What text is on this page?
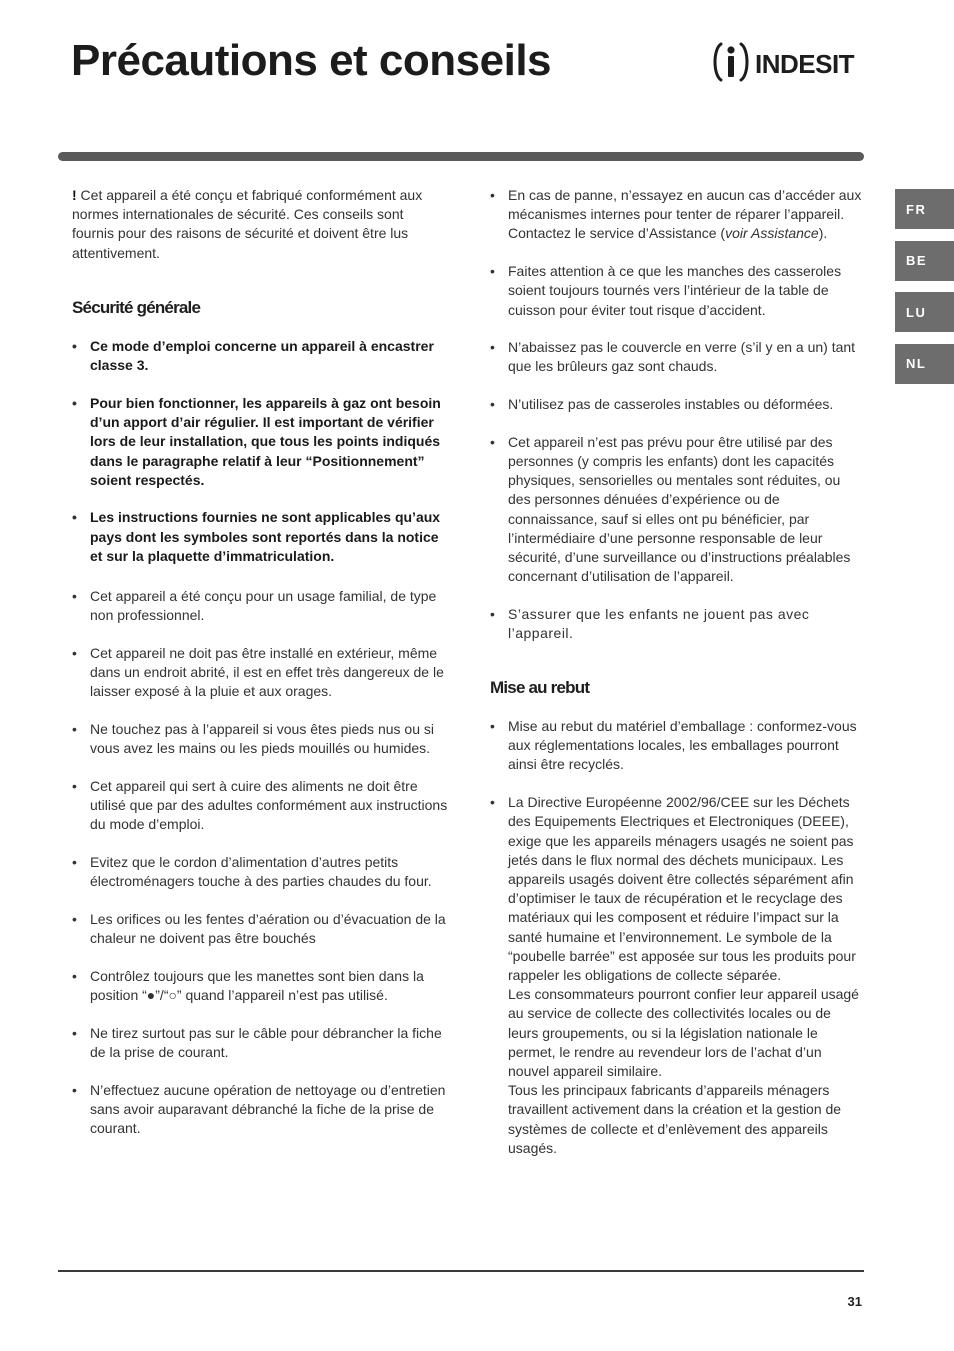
Précautions et conseils	INDESIT
FR
BE
LU
NL

! Cet appareil a été conçu et fabriqué conformément aux normes internationales de sécurité. Ces conseils sont fournis pour des raisons de sécurité et doivent être lus attentivement.

Sécurité générale
• Ce mode d’emploi concerne un appareil à encastrer classe 3.
• Pour bien fonctionner, les appareils à gaz ont besoin d’un apport d’air régulier. Il est important de vérifier lors de leur installation, que tous les points indiqués dans le paragraphe relatif à leur “Positionnement” soient respectés.
• Les instructions fournies ne sont applicables qu’aux pays dont les symboles sont reportés dans la notice et sur la plaquette d’immatriculation.
• Cet appareil a été conçu pour un usage familial, de type non professionnel.
• Cet appareil ne doit pas être installé en extérieur, même dans un endroit abrité, il est en effet très dangereux de le laisser exposé à la pluie et aux orages.
• Ne touchez pas à l’appareil si vous êtes pieds nus ou si vous avez les mains ou les pieds mouillés ou humides.
• Cet appareil qui sert à cuire des aliments ne doit être utilisé que par des adultes conformément aux instructions du mode d’emploi.
• Evitez que le cordon d’alimentation d’autres petits électroménagers touche à des parties chaudes du four.
• Les orifices ou les fentes d’aération ou d’évacuation de la chaleur ne doivent pas être bouchés
• Contrôlez toujours que les manettes sont bien dans la position “●”/“○” quand l’appareil n’est pas utilisé.
• Ne tirez surtout pas sur le câble pour débrancher la fiche de la prise de courant.
• N’effectuez aucune opération de nettoyage ou d’entretien sans avoir auparavant débranché la fiche de la prise de courant.
• En cas de panne, n’essayez en aucun cas d’accéder aux mécanismes internes pour tenter de réparer l’appareil. Contactez le service d’Assistance (voir Assistance).
• Faites attention à ce que les manches des casseroles soient toujours tournés vers l’intérieur de la table de cuisson pour éviter tout risque d’accident.
• N’abaissez pas le couvercle en verre (s’il y en a un) tant que les brûleurs gaz sont chauds.
• N’utilisez pas de casseroles instables ou déformées.
• Cet appareil n’est pas prévu pour être utilisé par des personnes (y compris les enfants) dont les capacités physiques, sensorielles ou mentales sont réduites, ou des personnes dénuées d’expérience ou de connaissance, sauf si elles ont pu bénéficier, par l’intermédiaire d’une personne responsable de leur sécurité, d’une surveillance ou d’instructions préalables concernant d’utilisation de l’appareil.
• S’assurer que les enfants ne jouent pas avec l’appareil.
Mise au rebut
• Mise au rebut du matériel d’emballage : conformez-vous aux réglementations locales, les emballages pourront ainsi être recyclés.
• La Directive Européenne 2002/96/CEE sur les Déchets des Equipements Electriques et Electroniques (DEEE), exige que les appareils ménagers usagés ne soient pas jetés dans le flux normal des déchets municipaux. Les appareils usagés doivent être collectés séparément afin d’optimiser le taux de récupération et le recyclage des matériaux qui les composent et réduire l’impact sur la santé humaine et l’environnement. Le symbole de la “poubelle barrée” est apposée sur tous les produits pour rappeler les obligations de collecte séparée.
Les consommateurs pourront confier leur appareil usagé au service de collecte des collectivités locales ou de leurs groupements, ou si la législation nationale le permet, le rendre au revendeur lors de l’achat d’un nouvel appareil similaire.
Tous les principaux fabricants d’appareils ménagers travaillent activement dans la création et la gestion de systèmes de collecte et d’enlèvement des appareils usagés.
31
